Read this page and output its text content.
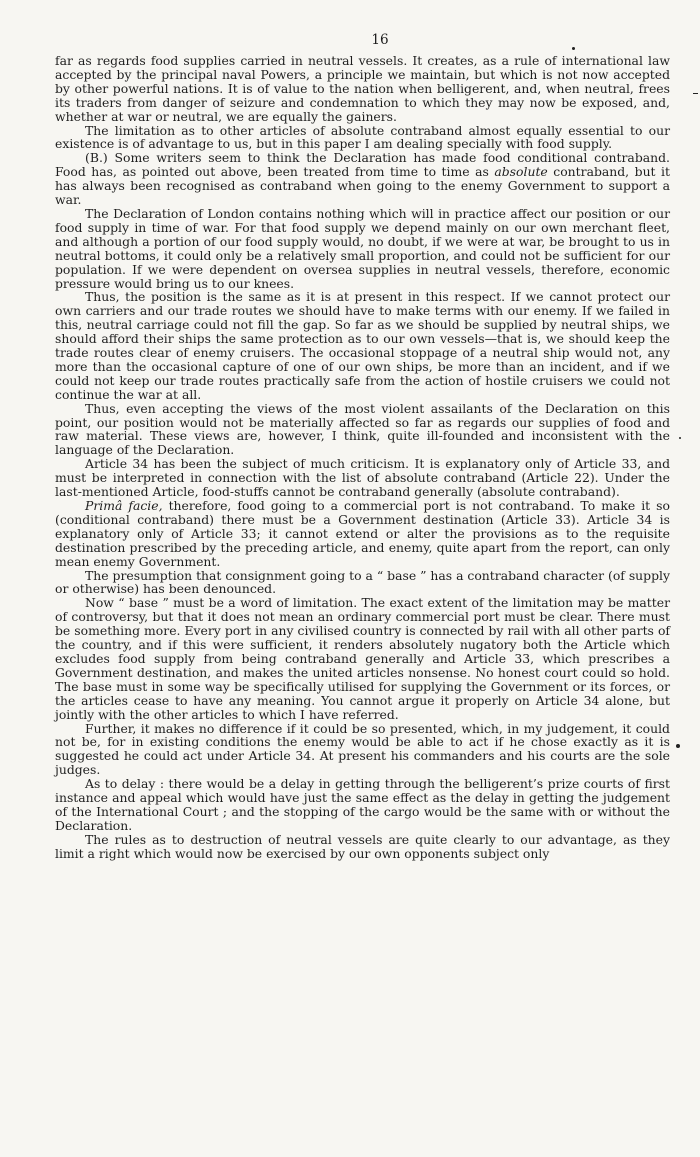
16

far as regards food supplies carried in neutral vessels. It creates, as a rule of international law accepted by the principal naval Powers, a principle we maintain, but which is not now accepted by other powerful nations. It is of value to the nation when belligerent, and, when neutral, frees its traders from danger of seizure and condemnation to which they may now be exposed, and, whether at war or neutral, we are equally the gainers.

The limitation as to other articles of absolute contraband almost equally essential to our existence is of advantage to us, but in this paper I am dealing specially with food supply.

(B.) Some writers seem to think the Declaration has made food conditional contraband. Food has, as pointed out above, been treated from time to time as absolute contraband, but it has always been recognised as contraband when going to the enemy Government to support a war.

The Declaration of London contains nothing which will in practice affect our position or our food supply in time of war. For that food supply we depend mainly on our own merchant fleet, and although a portion of our food supply would, no doubt, if we were at war, be brought to us in neutral bottoms, it could only be a relatively small proportion, and could not be sufficient for our population. If we were dependent on oversea supplies in neutral vessels, therefore, economic pressure would bring us to our knees.

Thus, the position is the same as it is at present in this respect. If we cannot protect our own carriers and our trade routes we should have to make terms with our enemy. If we failed in this, neutral carriage could not fill the gap. So far as we should be supplied by neutral ships, we should afford their ships the same protection as to our own vessels—that is, we should keep the trade routes clear of enemy cruisers. The occasional stoppage of a neutral ship would not, any more than the occasional capture of one of our own ships, be more than an incident, and if we could not keep our trade routes practically safe from the action of hostile cruisers we could not continue the war at all.

Thus, even accepting the views of the most violent assailants of the Declaration on this point, our position would not be materially affected so far as regards our supplies of food and raw material. These views are, however, I think, quite ill-founded and inconsistent with the language of the Declaration.

Article 34 has been the subject of much criticism. It is explanatory only of Article 33, and must be interpreted in connection with the list of absolute contraband (Article 22). Under the last-mentioned Article, food-stuffs cannot be contraband generally (absolute contraband).

Primâ facie, therefore, food going to a commercial port is not contraband. To make it so (conditional contraband) there must be a Government destination (Article 33). Article 34 is explanatory only of Article 33; it cannot extend or alter the provisions as to the requisite destination prescribed by the preceding article, and enemy, quite apart from the report, can only mean enemy Government.

The presumption that consignment going to a “ base ” has a contraband character (of supply or otherwise) has been denounced.

Now “ base ” must be a word of limitation. The exact extent of the limitation may be matter of controversy, but that it does not mean an ordinary commercial port must be clear. There must be something more. Every port in any civilised country is connected by rail with all other parts of the country, and if this were sufficient, it renders absolutely nugatory both the Article which excludes food supply from being contraband generally and Article 33, which prescribes a Government destination, and makes the united articles nonsense. No honest court could so hold. The base must in some way be specifically utilised for supplying the Government or its forces, or the articles cease to have any meaning. You cannot argue it properly on Article 34 alone, but jointly with the other articles to which I have referred.

Further, it makes no difference if it could be so presented, which, in my judgement, it could not be, for in existing conditions the enemy would be able to act if he chose exactly as it is suggested he could act under Article 34. At present his commanders and his courts are the sole judges.

As to delay : there would be a delay in getting through the belligerent’s prize courts of first instance and appeal which would have just the same effect as the delay in getting the judgement of the International Court ; and the stopping of the cargo would be the same with or without the Declaration.

The rules as to destruction of neutral vessels are quite clearly to our advantage, as they limit a right which would now be exercised by our own opponents subject only
